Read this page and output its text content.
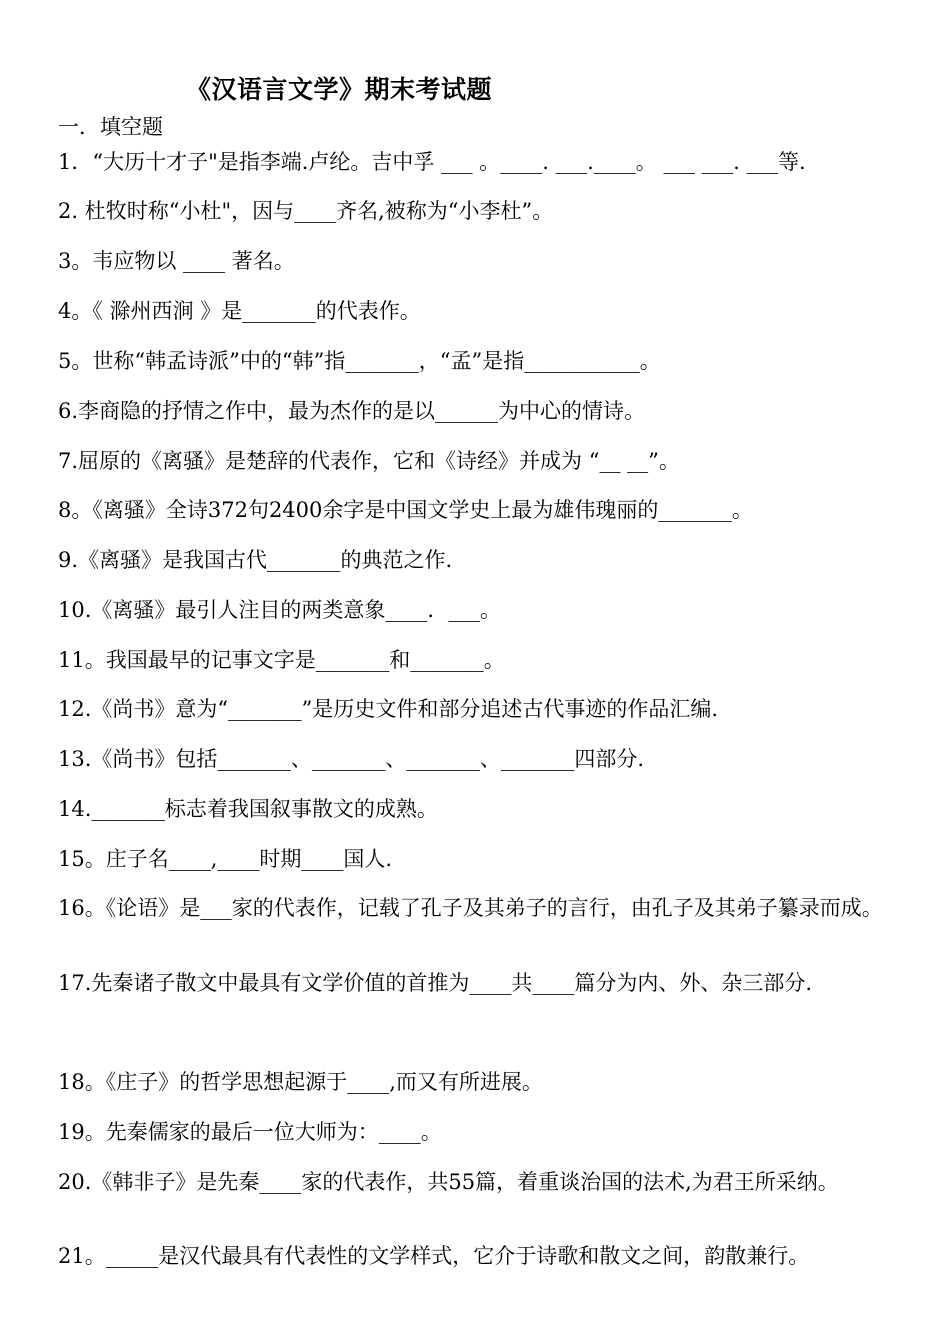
《汉语言文学》期末考试题
一．填空题
1．“大历十才子"是指李端.卢纶。吉中孚 ___ 。____. ___.____。 ___ ___. ___等.
2. 杜牧时称“小杜"，因与____齐名,被称为“小李杜”。
3。韦应物以 ____ 著名。
4。《 滁州西涧 》是_______的代表作。
5。世称“韩孟诗派”中的“韩”指_______，“孟”是指___________。
6.李商隐的抒情之作中，最为杰作的是以______为中心的情诗。
7.屈原的《离骚》是楚辞的代表作，它和《诗经》并成为 “__ __”。
8。《离骚》全诗372句2400余字是中国文学史上最为雄伟瑰丽的_______。
9.《离骚》是我国古代_______的典范之作.
10.《离骚》最引人注目的两类意象____．___。
11。我国最早的记事文字是_______和_______。
12.《尚书》意为“_______”是历史文件和部分追述古代事迹的作品汇编.
13.《尚书》包括_______、_______、_______、_______四部分.
14._______标志着我国叙事散文的成熟。
15。庄子名____,____时期____国人.
16。《论语》是___家的代表作，记载了孔子及其弟子的言行，由孔子及其弟子纂录而成。
17.先秦诸子散文中最具有文学价值的首推为____共____篇分为内、外、杂三部分.
18。《庄子》的哲学思想起源于____,而又有所进展。
19。先秦儒家的最后一位大师为：____。
20.《韩非子》是先秦____家的代表作，共55篇，着重谈治国的法术,为君王所采纳。
21。_____是汉代最具有代表性的文学样式，它介于诗歌和散文之间，韵散兼行。
